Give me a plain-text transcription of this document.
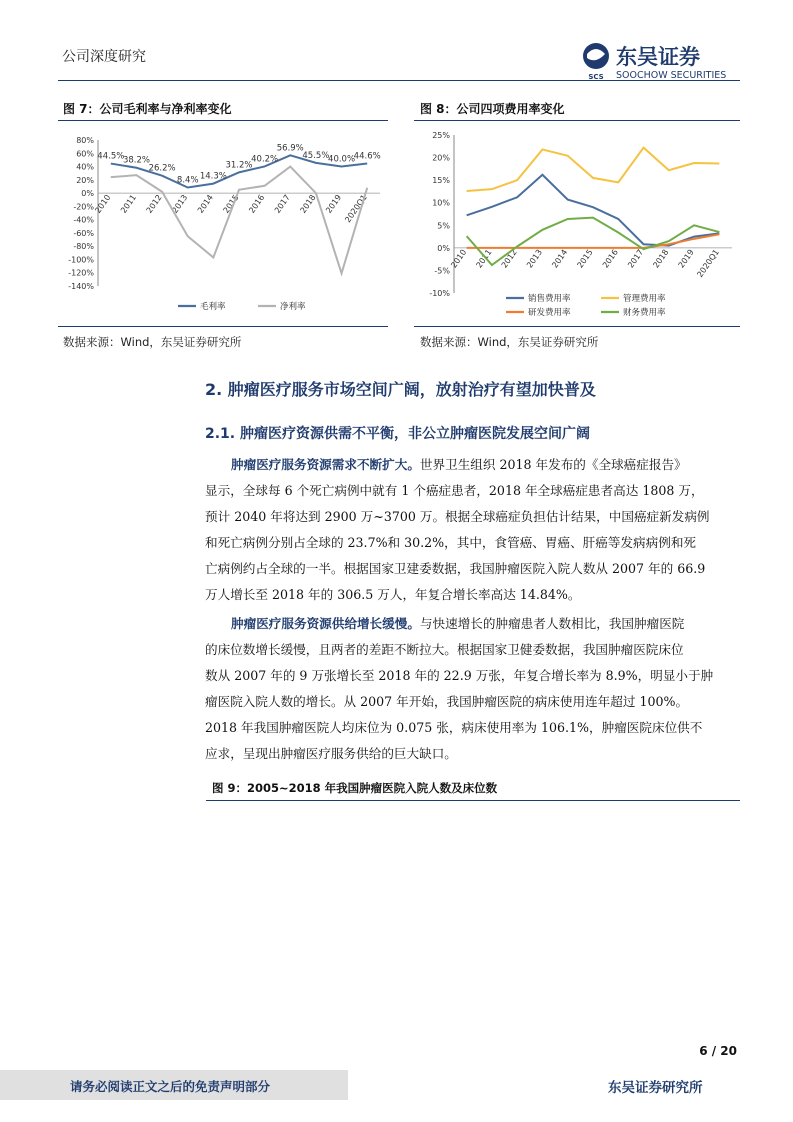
公司深度研究
SCS
东吴证券
SOOCHOW SECURITIES
图 7：公司毛利率与净利率变化
80%
60%
40%
20%
0%
-20%
-40%
-60%
-80%
-100%
-120%
-140%
2010 2011 2012 2013 2014 2015 2016 2017 2018 2019 2020Q1
44.5%
38.2%
26.2%
8.4% 14.3%
31.2%
40.2%
56.9%
45.5%
40.0%
44.6%
毛利率	净利率
数据来源：Wind，东吴证券研究所
图 8：公司四项费用率变化
25%
20%
15%
10%
5%
0%
-5%
-10%
2010 2011 2012 2013 2014 2015 2016 2017 2018 2019 2020Q1
销售费用率	管理费用率
研发费用率	财务费用率
数据来源：Wind，东吴证券研究所
2. 肿瘤医疗服务市场空间广阔，放射治疗有望加快普及
2.1. 肿瘤医疗资源供需不平衡，非公立肿瘤医院发展空间广阔
肿瘤医疗服务资源需求不断扩大。世界卫生组织 2018 年发布的《全球癌症报告》
显示，全球每 6 个死亡病例中就有 1 个癌症患者，2018 年全球癌症患者高达 1808 万，
预计 2040 年将达到 2900 万~3700 万。根据全球癌症负担估计结果，中国癌症新发病例
和死亡病例分别占全球的 23.7%和 30.2%，其中，食管癌、胃癌、肝癌等发病病例和死
亡病例约占全球的一半。根据国家卫建委数据，我国肿瘤医院入院人数从 2007 年的 66.9
万人增长至 2018 年的 306.5 万人，年复合增长率高达 14.84%。
肿瘤医疗服务资源供给增长缓慢。与快速增长的肿瘤患者人数相比，我国肿瘤医院
的床位数增长缓慢，且两者的差距不断拉大。根据国家卫健委数据，我国肿瘤医院床位
数从 2007 年的 9 万张增长至 2018 年的 22.9 万张，年复合增长率为 8.9%，明显小于肿
瘤医院入院人数的增长。从 2007 年开始，我国肿瘤医院的病床使用连年超过 100%。
2018 年我国肿瘤医院人均床位为 0.075 张，病床使用率为 106.1%，肿瘤医院床位供不
应求，呈现出肿瘤医疗服务供给的巨大缺口。
图 9：2005~2018 年我国肿瘤医院入院人数及床位数
6 / 20
请务必阅读正文之后的免责声明部分	东吴证券研究所
